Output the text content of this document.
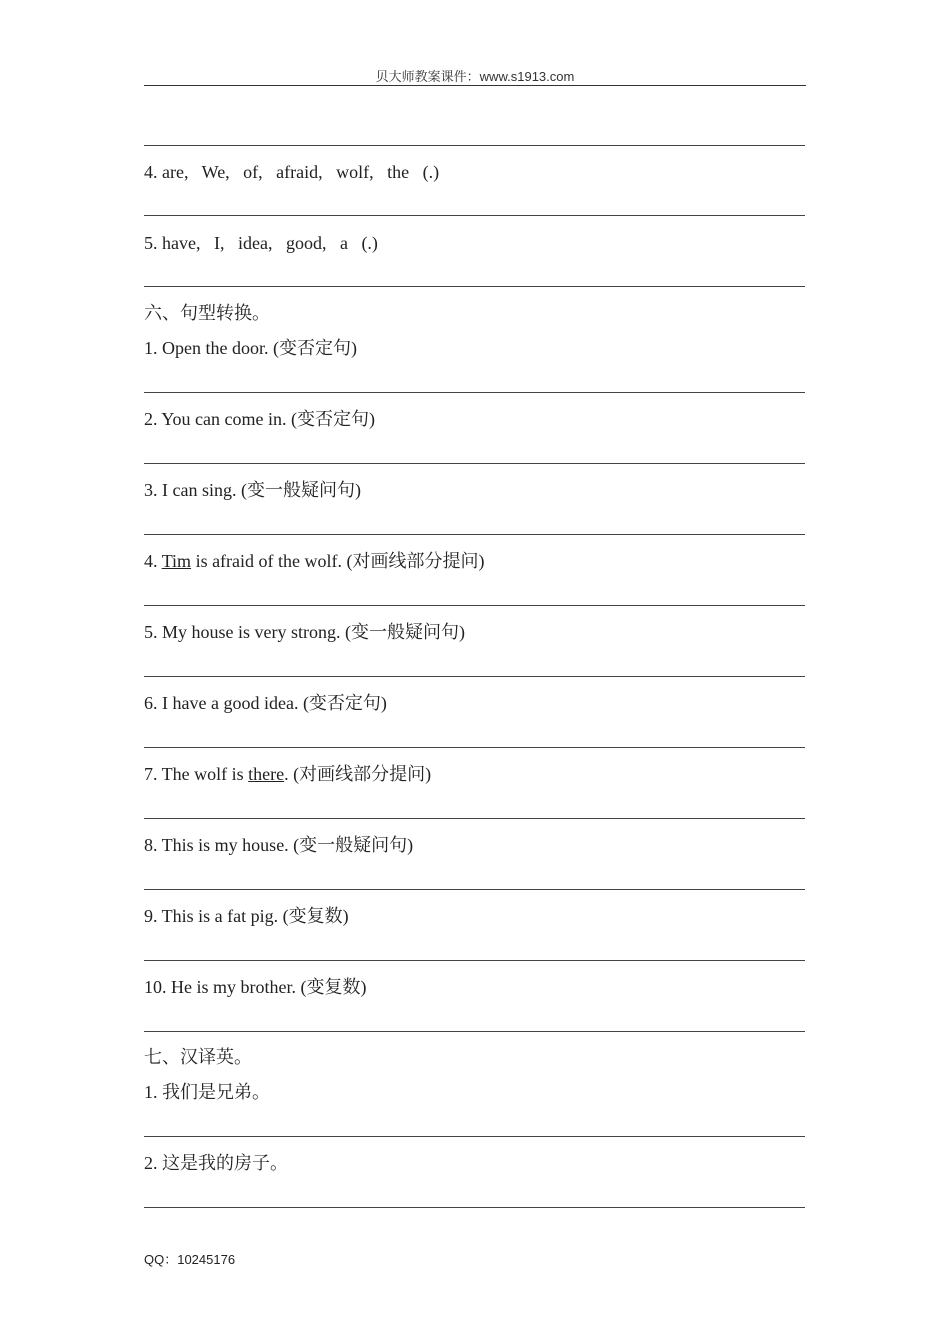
贝大师教案课件：www.s1913.com
4. are,   We,   of,   afraid,   wolf,   the   (.)
5. have,   I,   idea,   good,   a   (.)
六、句型转换。
1. Open the door. (变否定句)
2. You can come in. (变否定句)
3. I can sing. (变一般疑问句)
4. Tim is afraid of the wolf. (对画线部分提问)
5. My house is very strong. (变一般疑问句)
6. I have a good idea. (变否定句)
7. The wolf is there. (对画线部分提问)
8. This is my house. (变一般疑问句)
9. This is a fat pig. (变复数)
10. He is my brother. (变复数)
七、汉译英。
1. 我们是兄弟。
2. 这是我的房子。
QQ：10245176
